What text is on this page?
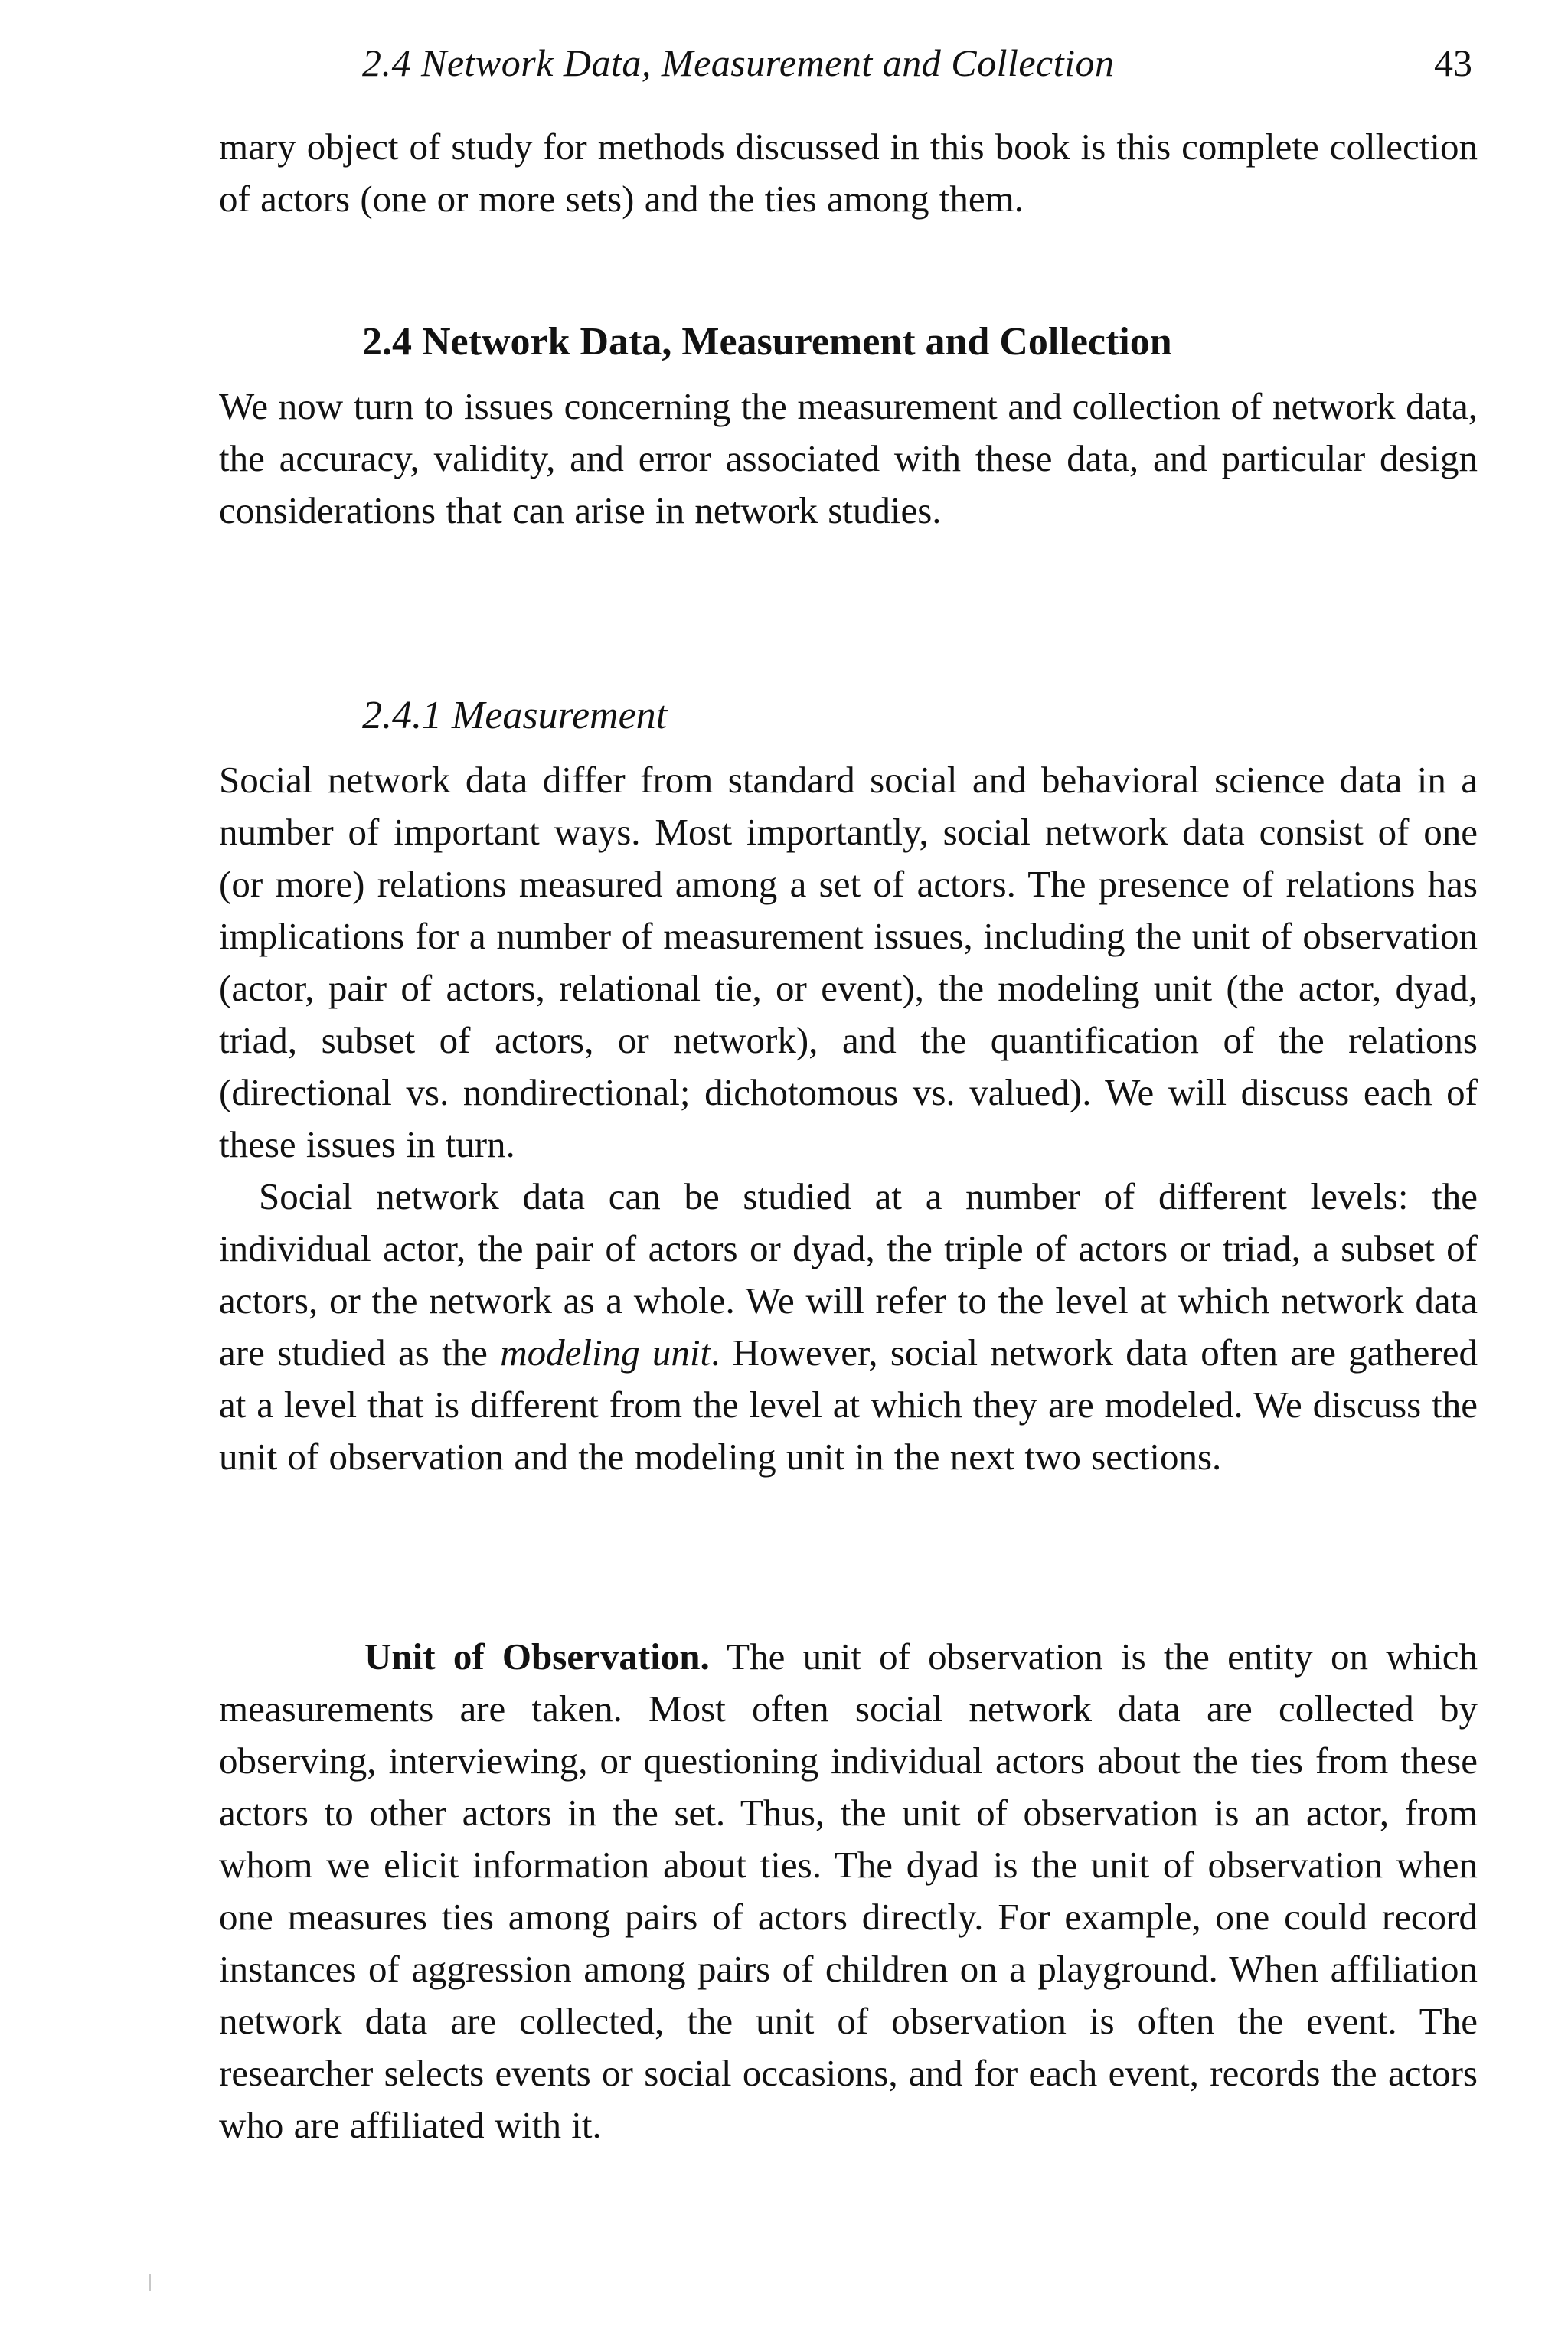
2.4 Network Data, Measurement and Collection	43

mary object of study for methods discussed in this book is this complete collection of actors (one or more sets) and the ties among them.

2.4 Network Data, Measurement and Collection

We now turn to issues concerning the measurement and collection of network data, the accuracy, validity, and error associated with these data, and particular design considerations that can arise in network studies.

2.4.1 Measurement

Social network data differ from standard social and behavioral science data in a number of important ways. Most importantly, social network data consist of one (or more) relations measured among a set of actors. The presence of relations has implications for a number of measurement issues, including the unit of observation (actor, pair of actors, relational tie, or event), the modeling unit (the actor, dyad, triad, subset of actors, or network), and the quantification of the relations (directional vs. nondirectional; dichotomous vs. valued). We will discuss each of these issues in turn.

Social network data can be studied at a number of different levels: the individual actor, the pair of actors or dyad, the triple of actors or triad, a subset of actors, or the network as a whole. We will refer to the level at which network data are studied as the modeling unit. However, social network data often are gathered at a level that is different from the level at which they are modeled. We discuss the unit of observation and the modeling unit in the next two sections.

Unit of Observation. The unit of observation is the entity on which measurements are taken. Most often social network data are collected by observing, interviewing, or questioning individual actors about the ties from these actors to other actors in the set. Thus, the unit of observation is an actor, from whom we elicit information about ties. The dyad is the unit of observation when one measures ties among pairs of actors directly. For example, one could record instances of aggression among pairs of children on a playground. When affiliation network data are collected, the unit of observation is often the event. The researcher selects events or social occasions, and for each event, records the actors who are affiliated with it.
